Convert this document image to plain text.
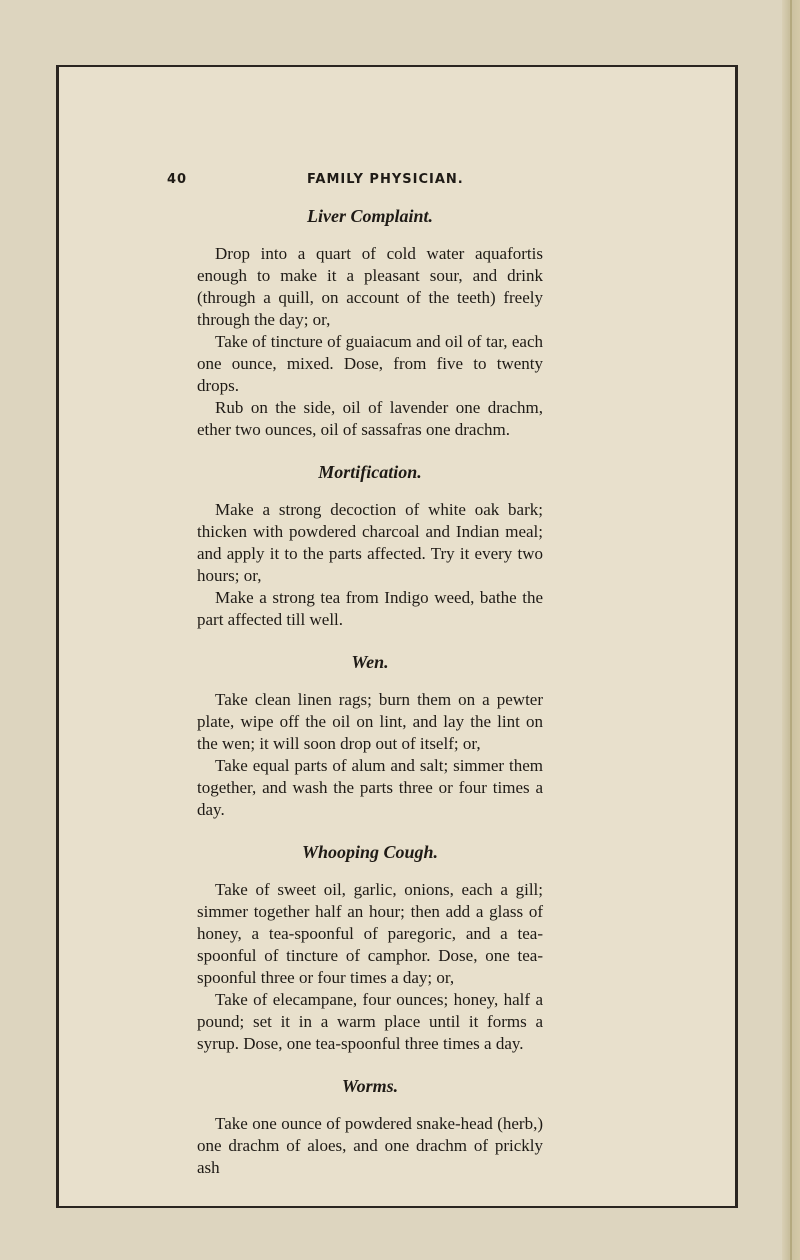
40	FAMILY PHYSICIAN.

Liver Complaint.

Drop into a quart of cold water aquafortis enough to make it a pleasant sour, and drink (through a quill, on account of the teeth) freely through the day; or,

Take of tincture of guaiacum and oil of tar, each one ounce, mixed. Dose, from five to twenty drops.

Rub on the side, oil of lavender one drachm, ether two ounces, oil of sassafras one drachm.

Mortification.

Make a strong decoction of white oak bark; thicken with powdered charcoal and Indian meal; and apply it to the parts affected. Try it every two hours; or,

Make a strong tea from Indigo weed, bathe the part affected till well.

Wen.

Take clean linen rags; burn them on a pewter plate, wipe off the oil on lint, and lay the lint on the wen; it will soon drop out of itself; or,

Take equal parts of alum and salt; simmer them together, and wash the parts three or four times a day.

Whooping Cough.

Take of sweet oil, garlic, onions, each a gill; simmer together half an hour; then add a glass of honey, a tea-spoonful of paregoric, and a tea-spoonful of tincture of camphor. Dose, one tea-spoonful three or four times a day; or,

Take of elecampane, four ounces; honey, half a pound; set it in a warm place until it forms a syrup. Dose, one tea-spoonful three times a day.

Worms.

Take one ounce of powdered snake-head (herb,) one drachm of aloes, and one drachm of prickly ash
